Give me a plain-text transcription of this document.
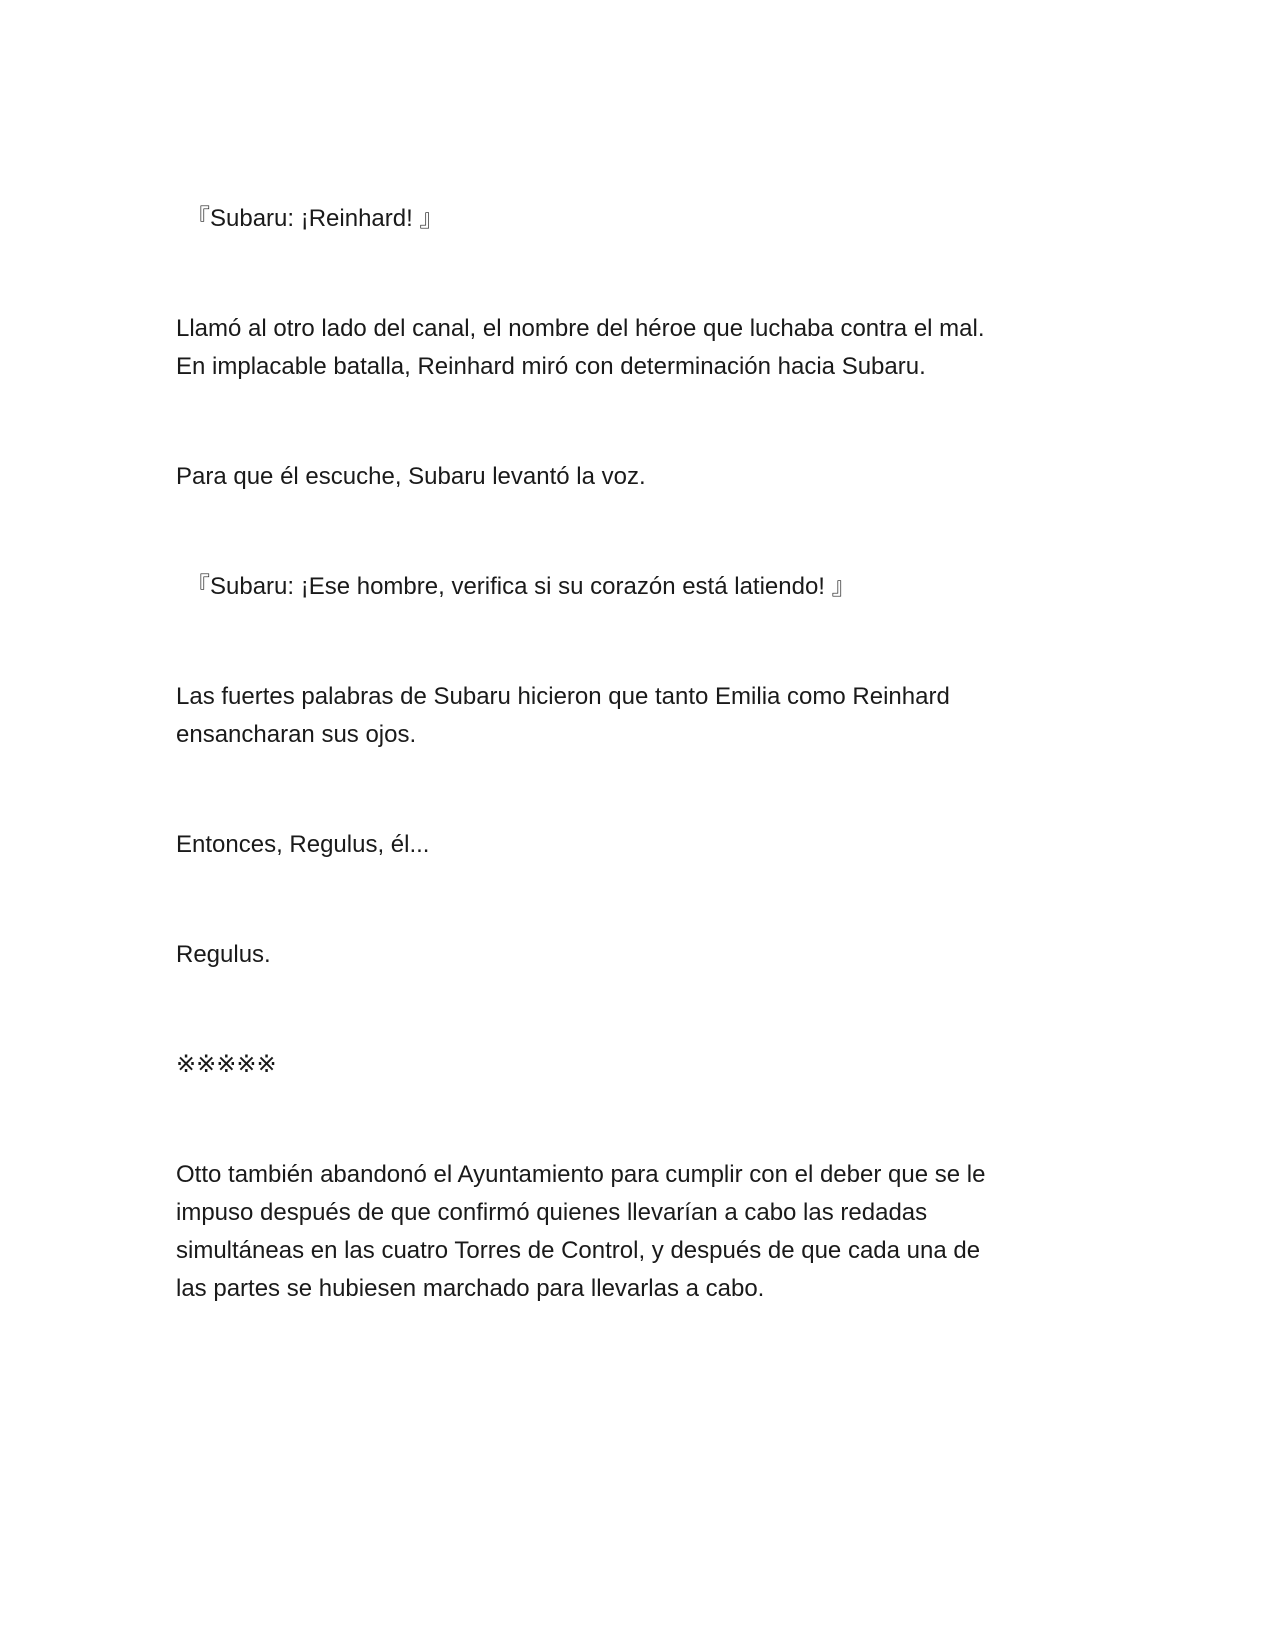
『Subaru: ¡Reinhard! 』

Llamó al otro lado del canal, el nombre del héroe que luchaba contra el mal.
En implacable batalla, Reinhard miró con determinación hacia Subaru.

Para que él escuche, Subaru levantó la voz.

『Subaru: ¡Ese hombre, verifica si su corazón está latiendo! 』

Las fuertes palabras de Subaru hicieron que tanto Emilia como Reinhard
ensancharan sus ojos.

Entonces, Regulus, él...

Regulus.

※※※※※

Otto también abandonó el Ayuntamiento para cumplir con el deber que se le
impuso después de que confirmó quienes llevarían a cabo las redadas
simultáneas en las cuatro Torres de Control, y después de que cada una de
las partes se hubiesen marchado para llevarlas a cabo.
